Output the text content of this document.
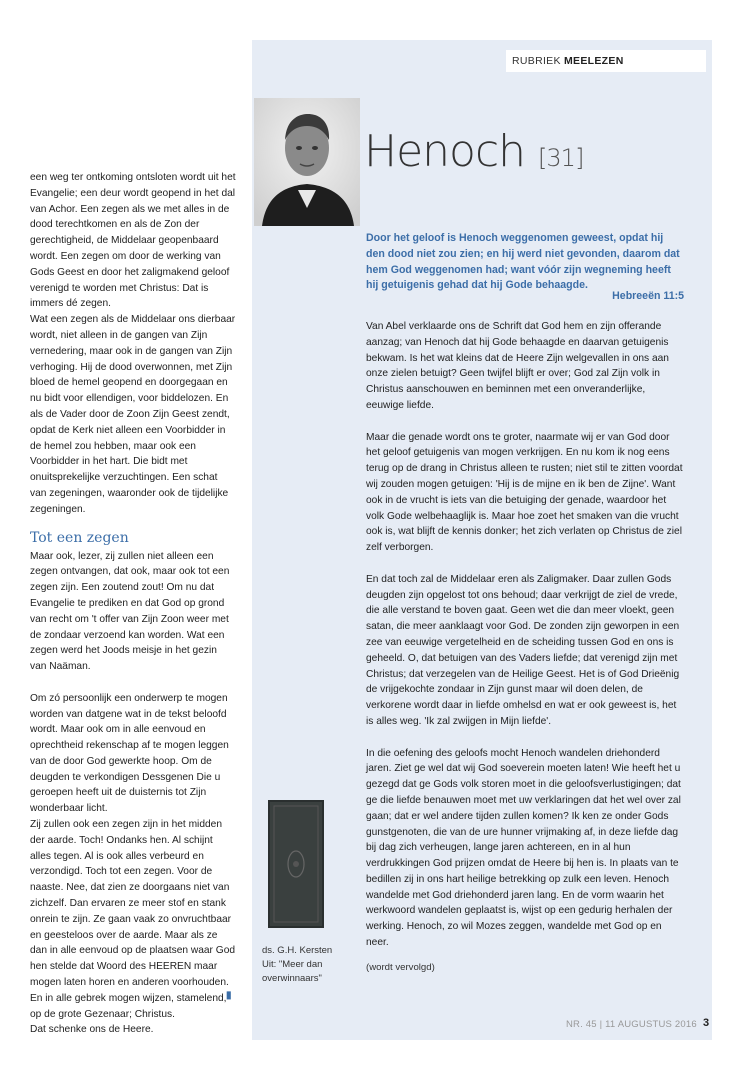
RUBRIEK MEELEZEN
Henoch [31]

Door het geloof is Henoch weggenomen geweest, opdat hij den dood niet zou zien; en hij werd niet gevonden, daarom dat hem God weggenomen had; want vóór zijn wegneming heeft hij getuigenis gehad dat hij Gode behaagde.

Hebreeën 11:5

een weg ter ontkoming ontsloten wordt uit het Evangelie; een deur wordt geopend in het dal van Achor. Een zegen als we met alles in de dood terechtkomen en als de Zon der gerechtigheid, de Middelaar geopenbaard wordt. Een zegen om door de werking van Gods Geest en door het zaligmakend geloof verenigd te worden met Christus: Dat is immers dé zegen.

Wat een zegen als de Middelaar ons dierbaar wordt, niet alleen in de gangen van Zijn vernedering, maar ook in de gangen van Zijn verhoging. Hij de dood overwonnen, met Zijn bloed de hemel geopend en doorgegaan en nu bidt voor ellendigen, voor biddelozen. En als de Vader door de Zoon Zijn Geest zendt, opdat de Kerk niet alleen een Voorbidder in de hemel zou hebben, maar ook een Voorbidder in het hart. Die bidt met onuitsprekelijke verzuchtingen. Een schat van zegeningen, waaronder ook de tijdelijke zegeningen.

Tot een zegen

Maar ook, lezer, zij zullen niet alleen een zegen ontvangen, dat ook, maar ook tot een zegen zijn. Een zoutend zout! Om nu dat Evangelie te prediken en dat God op grond van recht om 't offer van Zijn Zoon weer met de zondaar verzoend kan worden. Wat een zegen werd het Joods meisje in het gezin van Naäman.

Om zó persoonlijk een onderwerp te mogen worden van datgene wat in de tekst beloofd wordt. Maar ook om in alle eenvoud en oprechtheid rekenschap af te mogen leggen van de door God gewerkte hoop. Om de deugden te verkondigen Dessgenen Die u geroepen heeft uit de duisternis tot Zijn wonderbaar licht.

Zij zullen ook een zegen zijn in het midden der aarde. Toch! Ondanks hen. Al schijnt alles tegen. Al is ook alles verbeurd en verzondigd. Toch tot een zegen. Voor de naaste. Nee, dat zien ze doorgaans niet van zichzelf. Dan ervaren ze meer stof en stank onrein te zijn. Ze gaan vaak zo onvruchtbaar en geesteloos over de aarde. Maar als ze dan in alle eenvoud op de plaatsen waar God hen stelde dat Woord des HEEREN maar mogen laten horen en anderen voorhouden. En in alle gebrek mogen wijzen, stamelend, op de grote Gezenaar; Christus.

Dat schenke ons de Heere.

▮

Van Abel verklaarde ons de Schrift dat God hem en zijn offerande aanzag; van Henoch dat hij Gode behaagde en daarvan getuigenis bekwam. Is het wat kleins dat de Heere Zijn welgevallen in ons aan onze zielen betuigt? Geen twijfel blijft er over; God zal Zijn volk in Christus aanschouwen en beminnen met een onveranderlijke, eeuwige liefde.

Maar die genade wordt ons te groter, naarmate wij er van God door het geloof getuigenis van mogen verkrijgen. En nu kom ik nog eens terug op de drang in Christus alleen te rusten; niet stil te zitten voordat wij zouden mogen getuigen: 'Hij is de mijne en ik ben de Zijne'. Want ook in de vrucht is iets van die betuiging der genade, waardoor het volk Gode welbehaaglijk is. Maar hoe zoet het smaken van die vrucht ook is, wat blijft de kennis donker; het zich verlaten op Christus de ziel zelf verborgen.

En dat toch zal de Middelaar eren als Zaligmaker. Daar zullen Gods deugden zijn opgelost tot ons behoud; daar verkrijgt de ziel de vrede, die alle verstand te boven gaat. Geen wet die dan meer vloekt, geen satan, die meer aanklaagt voor God. De zonden zijn geworpen in een zee van eeuwige vergetelheid en de scheiding tussen God en ons is geheeld. O, dat betuigen van des Vaders liefde; dat verenigd zijn met Christus; dat verzegelen van de Heilige Geest. Het is of God Drieënig de vrijgekochte zondaar in Zijn gunst maar wil doen delen, de verkorene wordt daar in liefde omhelsd en wat er ook geweest is, het is alles weg. 'Ik zal zwijgen in Mijn liefde'.

In die oefening des geloofs mocht Henoch wandelen driehonderd jaren. Ziet ge wel dat wij God soeverein moeten laten! Wie heeft het u gezegd dat ge Gods volk storen moet in die geloofsverlustigingen; dat ge die liefde benauwen moet met uw verklaringen dat het wel over zal gaan; dat er wel andere tijden zullen komen? Ik ken ze onder Gods gunstgenoten, die van de ure hunner vrijmaking af, in deze liefde dag bij dag zich verheugen, lange jaren achtereen, en in al hun verdrukkingen God prijzen omdat de Heere bij hen is. In plaats van te bedillen zij in ons hart heilige betrekking op zulk een leven. Henoch wandelde met God driehonderd jaren lang. En de vorm waarin het werkwoord wandelen geplaatst is, wijst op een gedurig herhalen der werking. Henoch, zo wil Mozes zeggen, wandelde met God op en neer.

ds. G.H. Kersten

Uit: "Meer dan

overwinnaars"

(wordt vervolgd)
NR. 45 | 11 AUGUSTUS 2016 3
